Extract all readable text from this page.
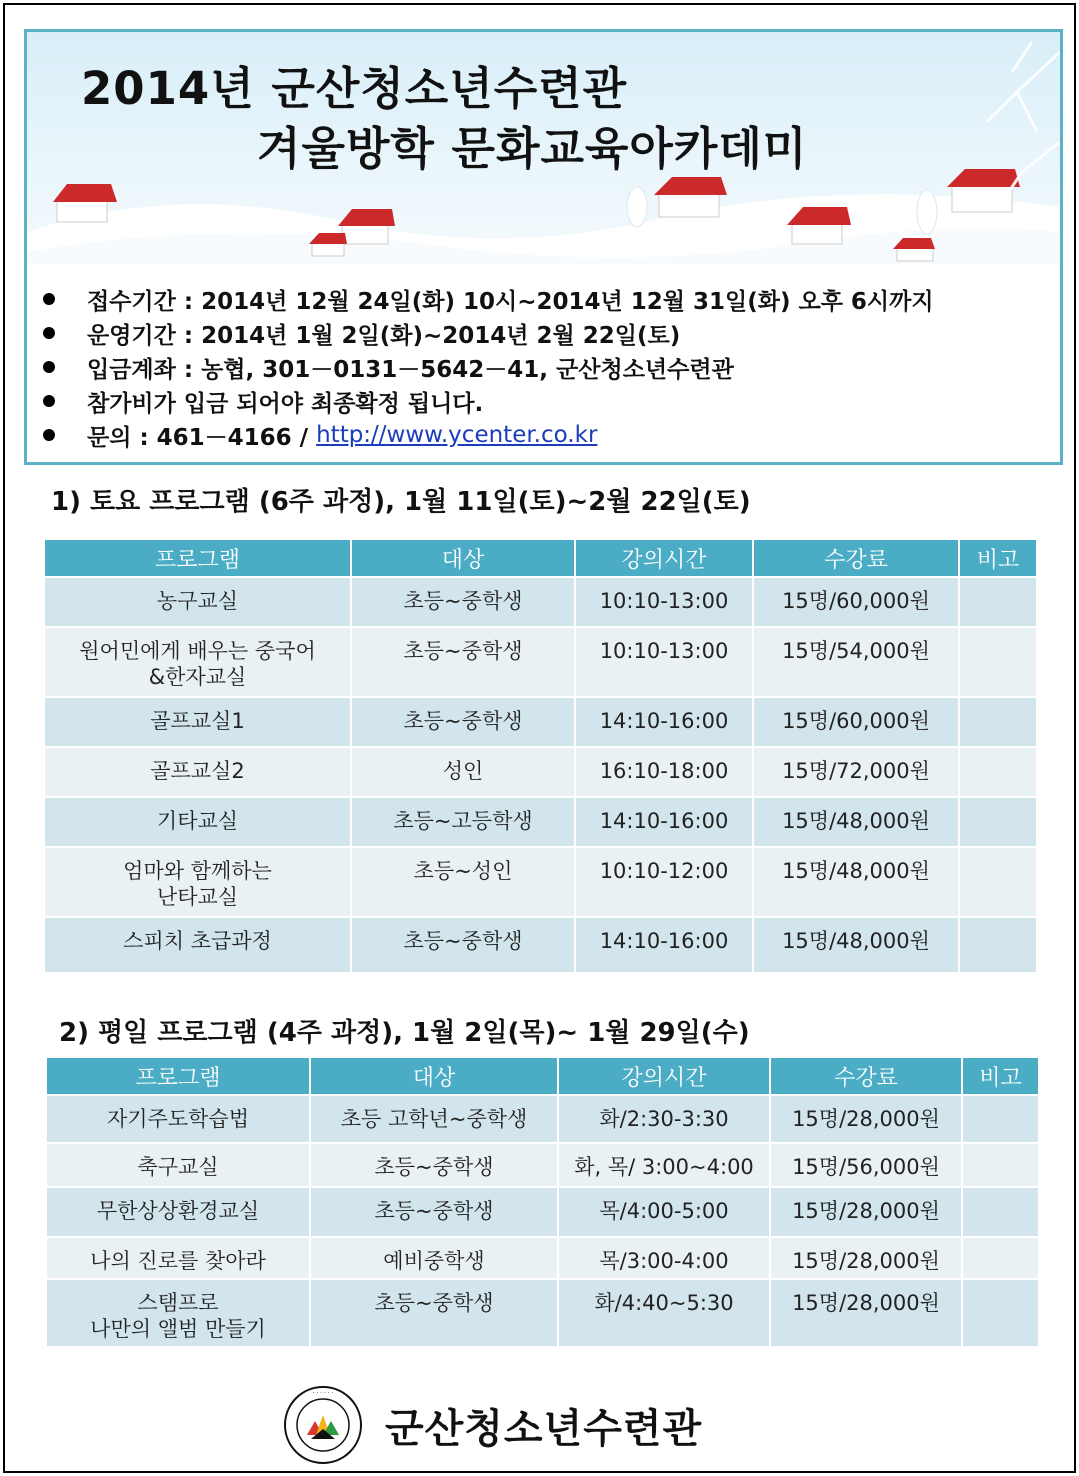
2014년 군산청소년수련관
겨울방학 문화교육아카데미
접수기간 : 2014년 12월 24일(화) 10시~2014년 12월 31일(화) 오후 6시까지
운영기간 : 2014년 1월 2일(화)~2014년 2월 22일(토)
입금계좌 : 농협, 301－0131－5642－41, 군산청소년수련관
참가비가 입금 되어야 최종확정 됩니다.
문의 : 461－4166 / http://www.ycenter.co.kr
1) 토요 프로그램 (6주 과정), 1월 11일(토)~2월 22일(토)
프로그램	대상	강의시간	수강료	비고
농구교실	초등~중학생	10:10-13:00	15명/60,000원	
원어민에게 배우는 중국어
&한자교실	초등~중학생	10:10-13:00	15명/54,000원	
골프교실1	초등~중학생	14:10-16:00	15명/60,000원	
골프교실2	성인	16:10-18:00	15명/72,000원	
기타교실	초등~고등학생	14:10-16:00	15명/48,000원	
엄마와 함께하는
난타교실	초등~성인	10:10-12:00	15명/48,000원	
스피치 초급과정	초등~중학생	14:10-16:00	15명/48,000원	
2) 평일 프로그램 (4주 과정), 1월 2일(목)~ 1월 29일(수)
프로그램	대상	강의시간	수강료	비고
자기주도학습법	초등 고학년~중학생	화/2:30-3:30	15명/28,000원	
축구교실	초등~중학생	화, 목/ 3:00~4:00	15명/56,000원	
무한상상환경교실	초등~중학생	목/4:00-5:00	15명/28,000원	
나의 진로를 찾아라	예비중학생	목/3:00-4:00	15명/28,000원	
스탬프로
나만의 앨범 만들기	초등~중학생	화/4:40~5:30	15명/28,000원	
· · · · · ·
군산청소년수련관
